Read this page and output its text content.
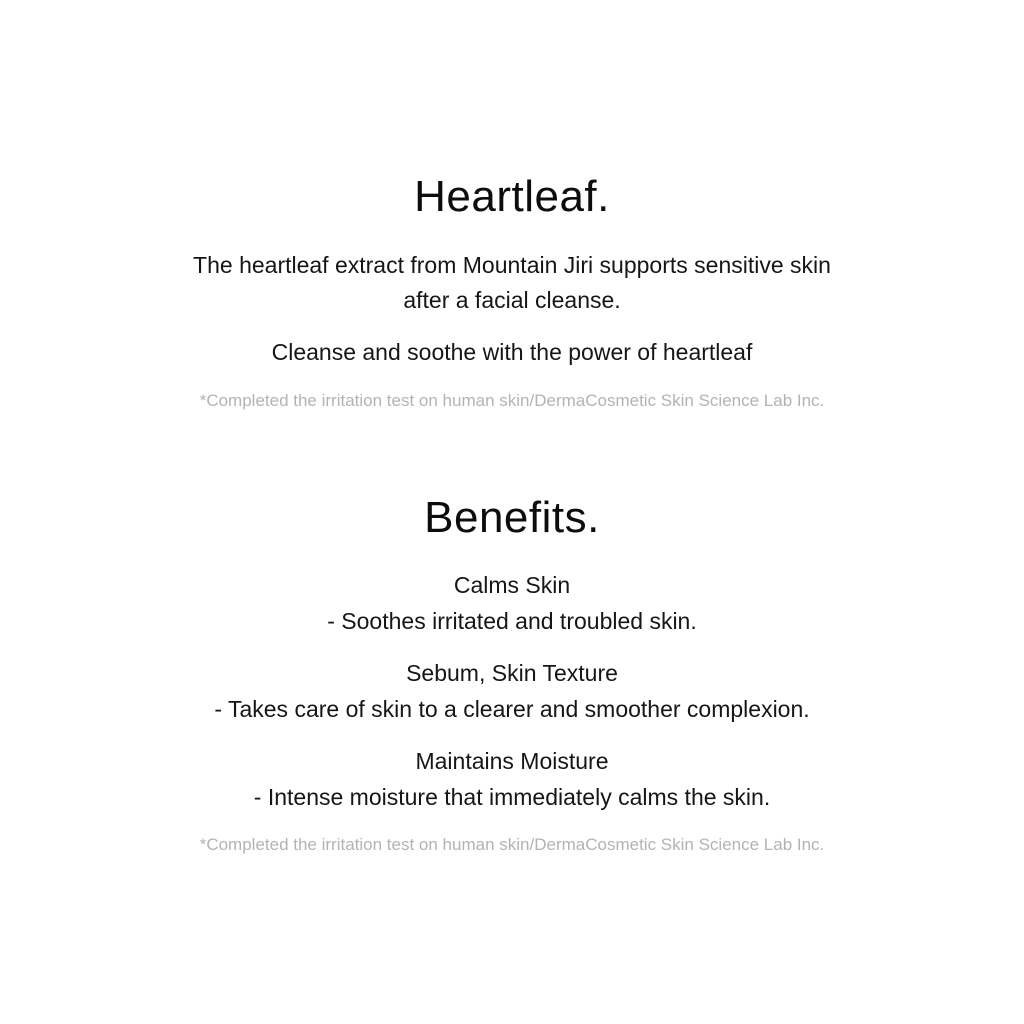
Heartleaf.

The heartleaf extract from Mountain Jiri supports sensitive skin

after a facial cleanse.

Cleanse and soothe with the power of heartleaf

*Completed the irritation test on human skin/DermaCosmetic Skin Science Lab Inc.

Benefits.

Calms Skin

- Soothes irritated and troubled skin.

Sebum, Skin Texture

- Takes care of skin to a clearer and smoother complexion.

Maintains Moisture

- Intense moisture that immediately calms the skin.

*Completed the irritation test on human skin/DermaCosmetic Skin Science Lab Inc.
